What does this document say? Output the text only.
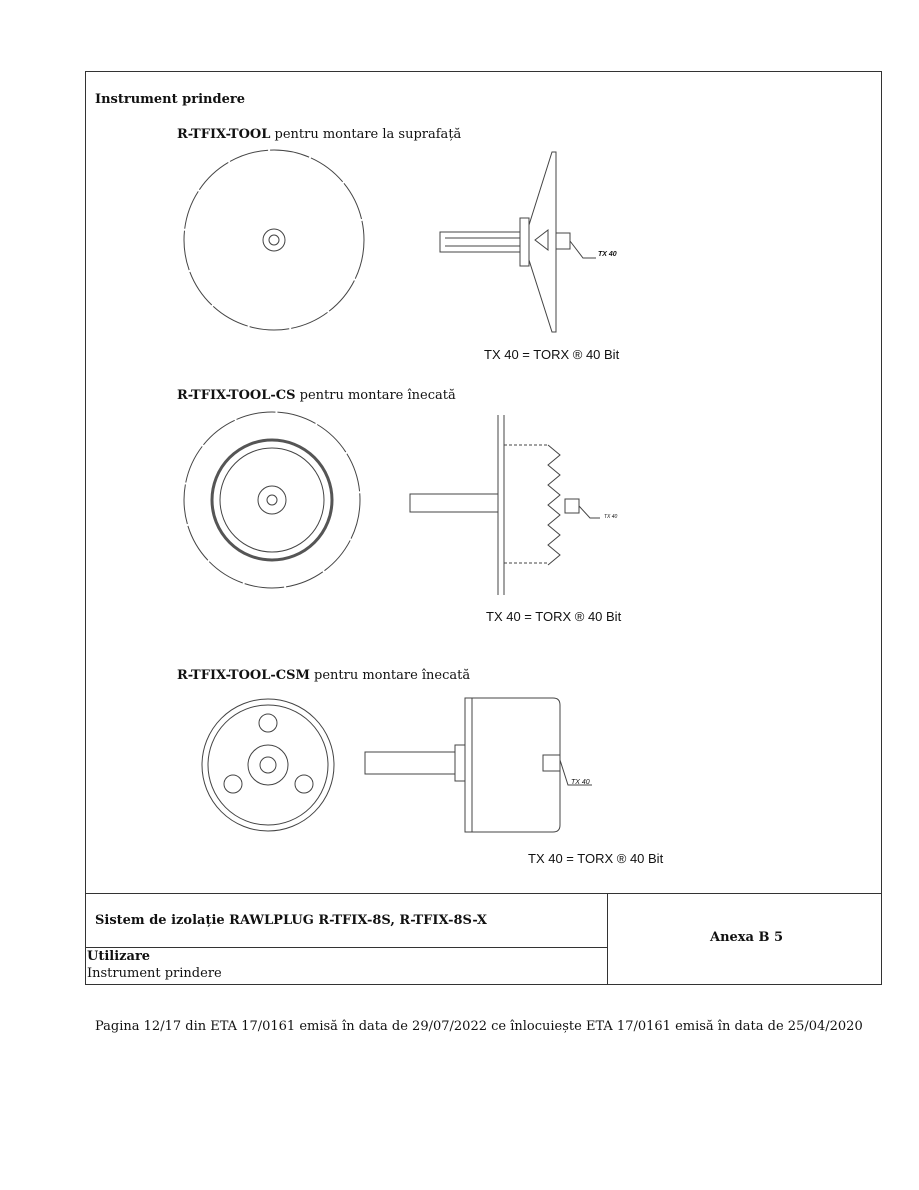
Instrument prindere
R-TFIX-TOOL pentru montare la suprafață
TX 40
TX 40 = TORX ® 40 Bit
R-TFIX-TOOL-CS pentru montare înecată
TX 40
TX 40 = TORX ® 40 Bit
R-TFIX-TOOL-CSM pentru montare înecată
TX 40
TX 40 = TORX ® 40 Bit
Sistem de izolație RAWLPLUG R-TFIX-8S, R-TFIX-8S-X
Anexa B 5
Utilizare
Instrument prindere
Pagina 12/17 din ETA 17/0161 emisă în data de 29/07/2022 ce înlocuiește ETA 17/0161 emisă în data de 25/04/2020
